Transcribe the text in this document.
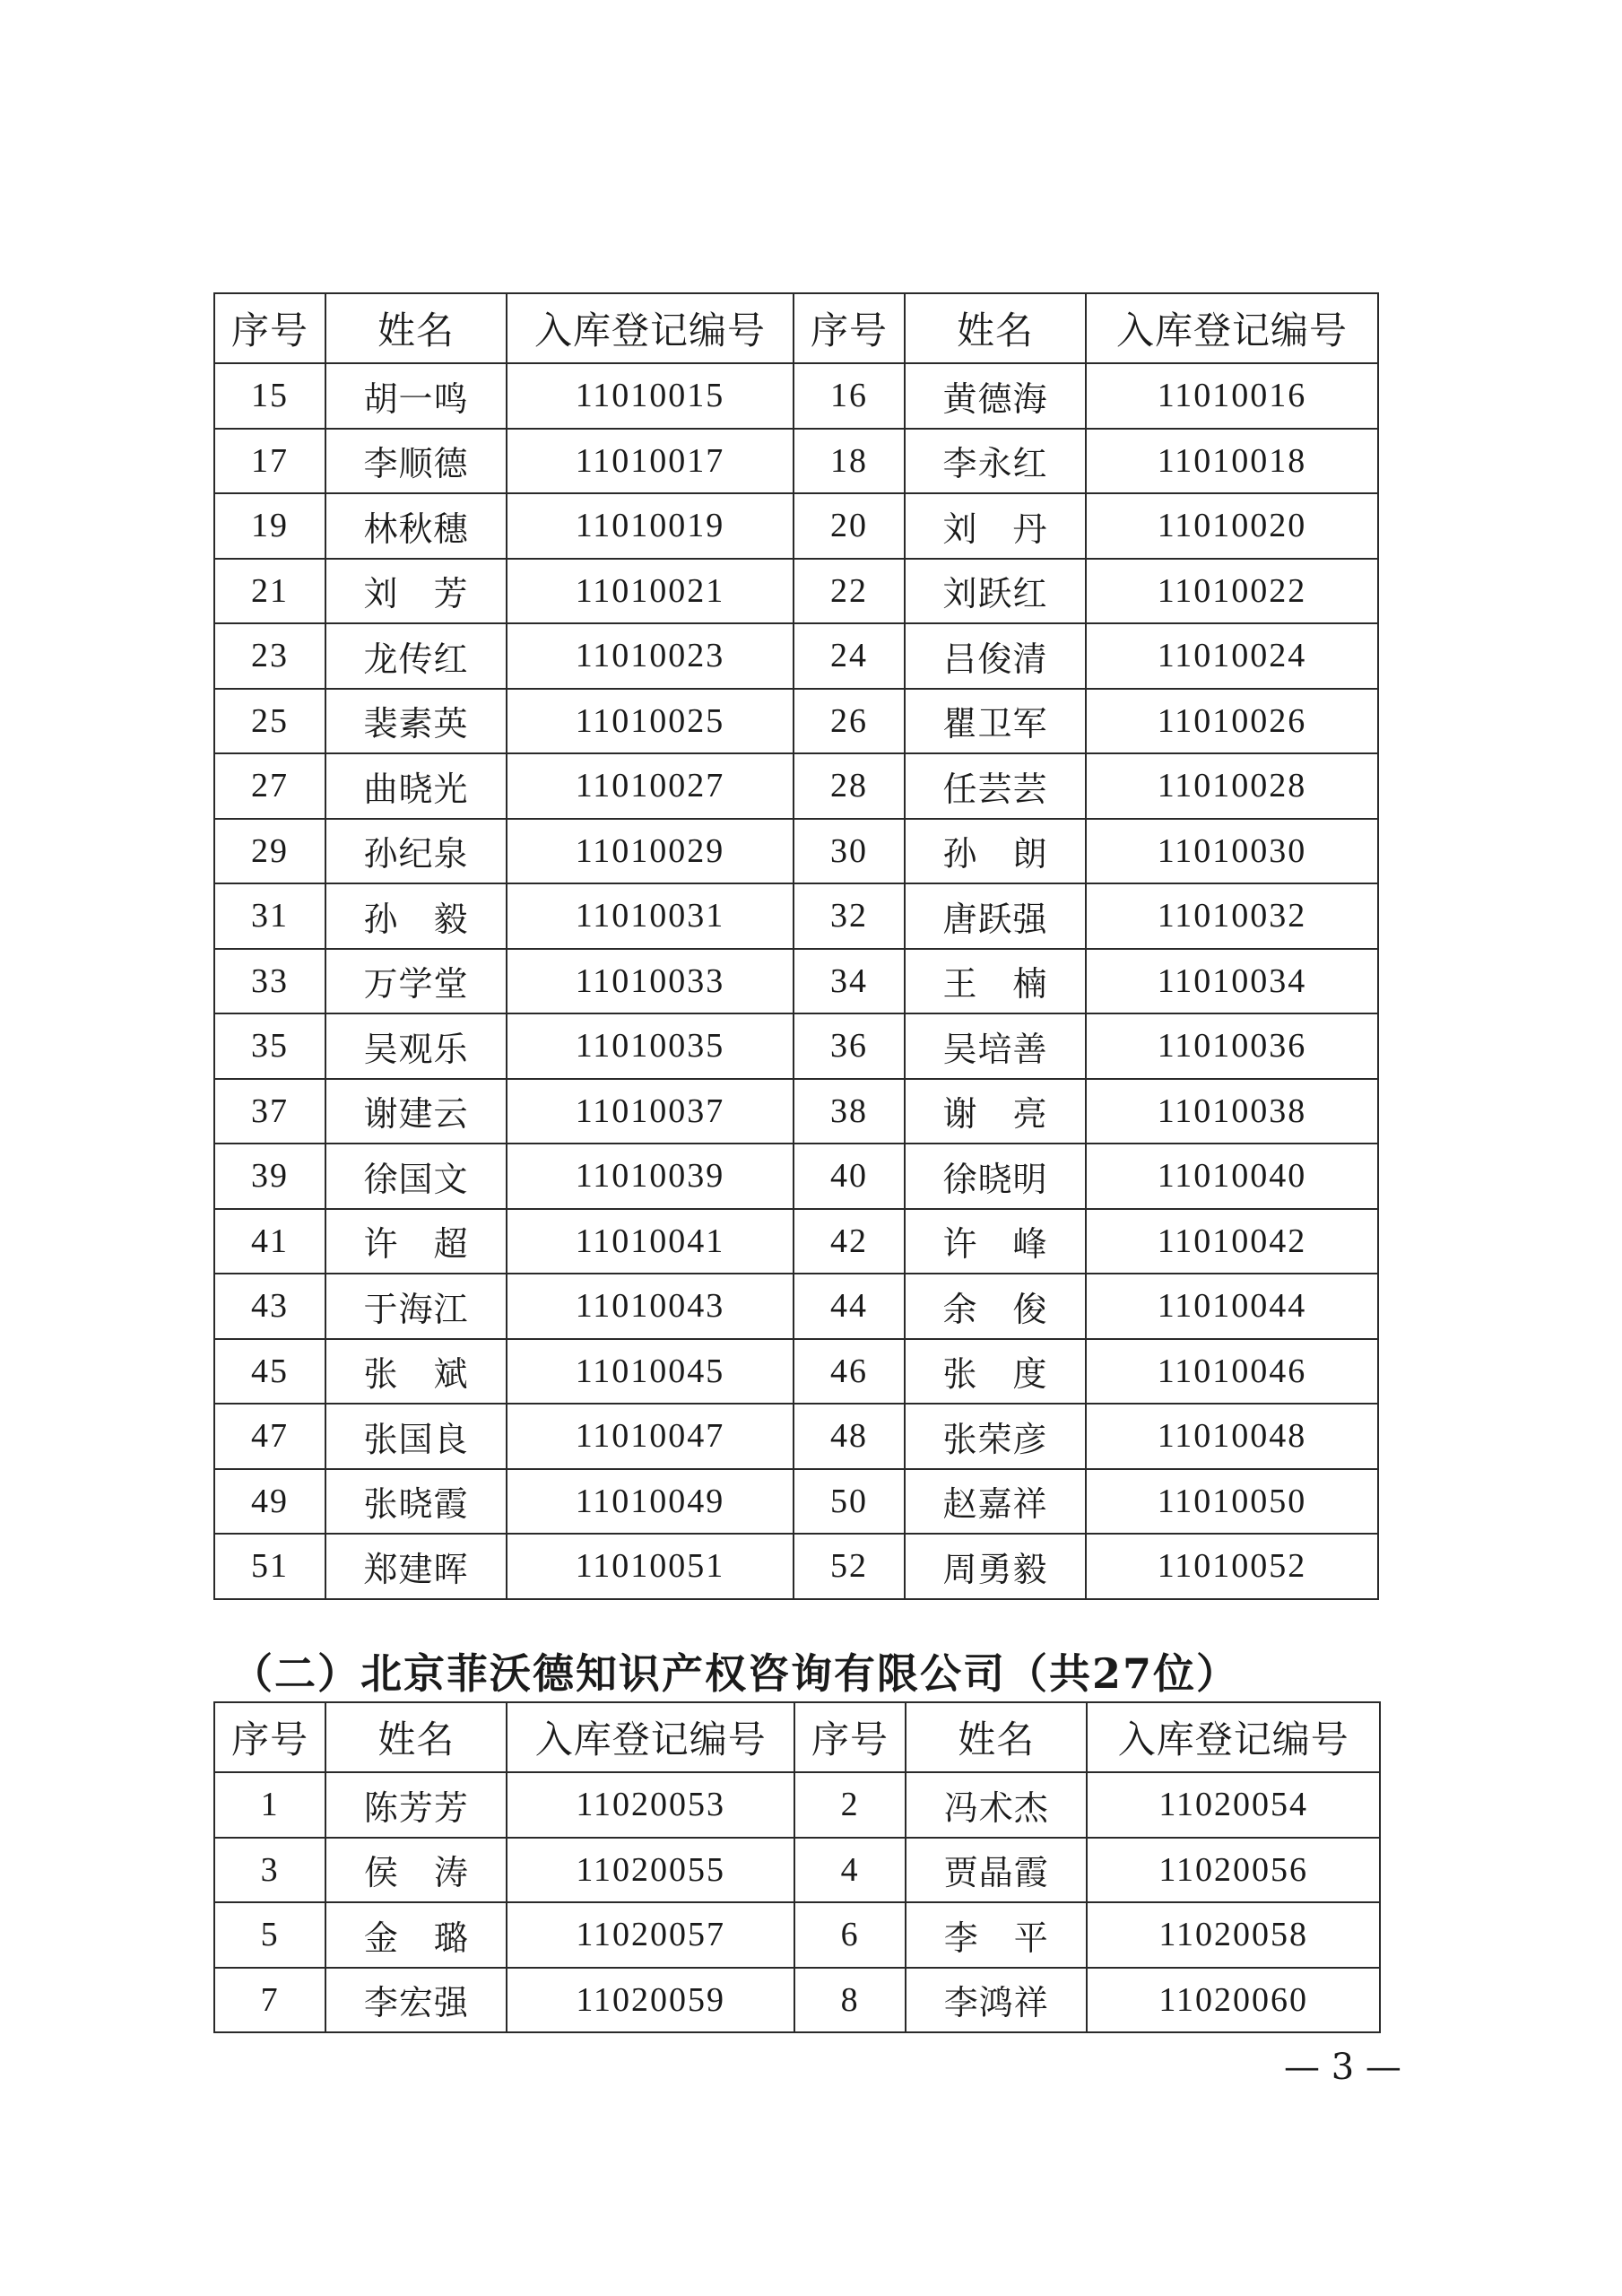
序号	姓名	入库登记编号	序号	姓名	入库登记编号
15	胡一鸣	11010015	16	黄德海	11010016
17	李顺德	11010017	18	李永红	11010018
19	林秋穗	11010019	20	刘　丹	11010020
21	刘　芳	11010021	22	刘跃红	11010022
23	龙传红	11010023	24	吕俊清	11010024
25	裴素英	11010025	26	瞿卫军	11010026
27	曲晓光	11010027	28	任芸芸	11010028
29	孙纪泉	11010029	30	孙　朗	11010030
31	孙　毅	11010031	32	唐跃强	11010032
33	万学堂	11010033	34	王　楠	11010034
35	吴观乐	11010035	36	吴培善	11010036
37	谢建云	11010037	38	谢　亮	11010038
39	徐国文	11010039	40	徐晓明	11010040
41	许　超	11010041	42	许　峰	11010042
43	于海江	11010043	44	余　俊	11010044
45	张　斌	11010045	46	张　度	11010046
47	张国良	11010047	48	张荣彦	11010048
49	张晓霞	11010049	50	赵嘉祥	11010050
51	郑建晖	11010051	52	周勇毅	11010052
（二）北京菲沃德知识产权咨询有限公司（共27位）
序号	姓名	入库登记编号	序号	姓名	入库登记编号
1	陈芳芳	11020053	2	冯术杰	11020054
3	侯　涛	11020055	4	贾晶霞	11020056
5	金　璐	11020057	6	李　平	11020058
7	李宏强	11020059	8	李鸿祥	11020060
— 3 —
